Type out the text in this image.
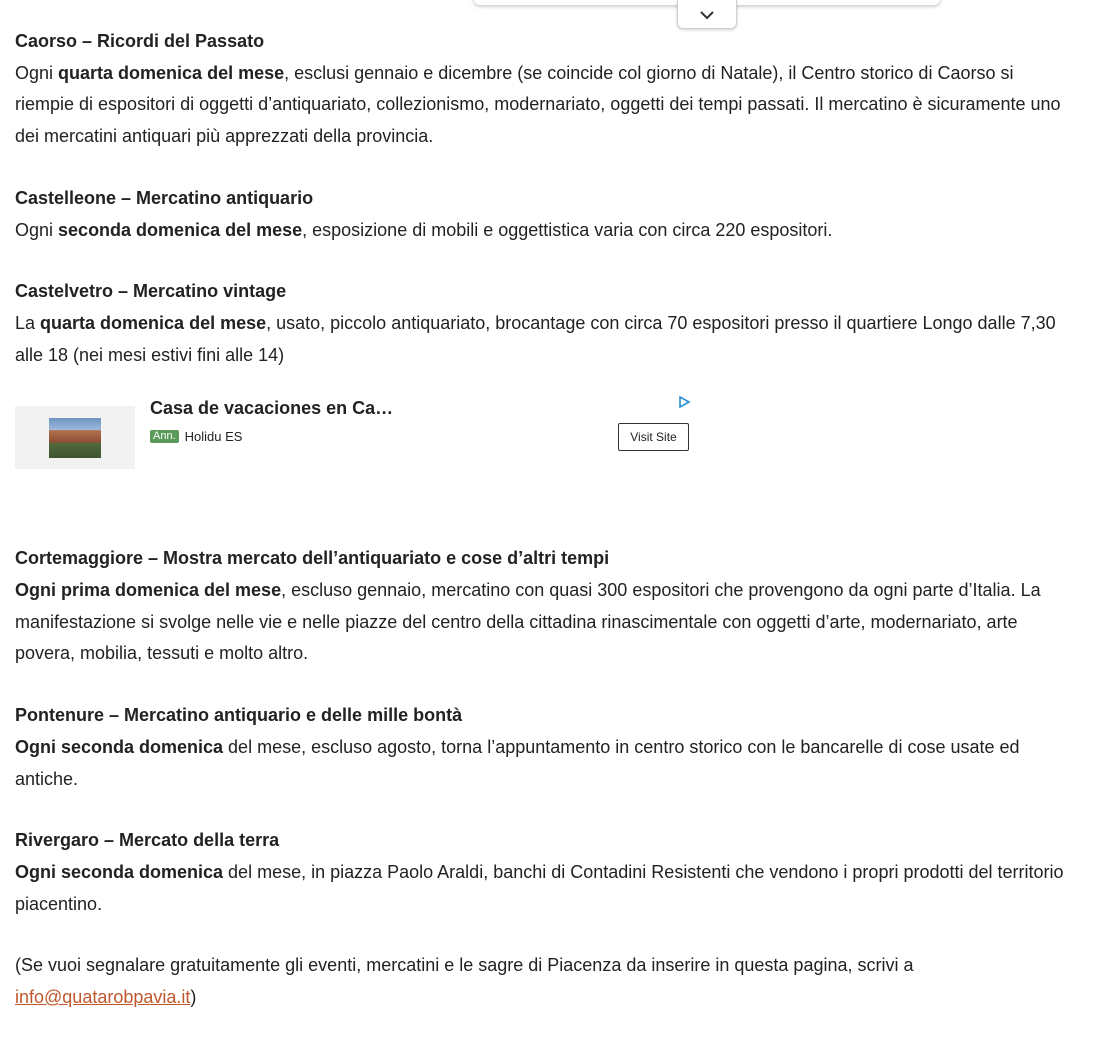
Caorso – Ricordi del Passato

Ogni quarta domenica del mese, esclusi gennaio e dicembre (se coincide col giorno di Natale), il Centro storico di Caorso si riempie di espositori di oggetti d’antiquariato, collezionismo, modernariato, oggetti dei tempi passati. Il mercatino è sicuramente uno dei mercatini antiquari più apprezzati della provincia.

Castelleone – Mercatino antiquario

Ogni seconda domenica del mese, esposizione di mobili e oggettistica varia con circa 220 espositori.

Castelvetro – Mercatino vintage

La quarta domenica del mese, usato, piccolo antiquariato, brocantage con circa 70 espositori presso il quartiere Longo dalle 7,30 alle 18 (nei mesi estivi fini alle 14)

Casa de vacaciones en Ca…
Ann. Holidu ES	Visit Site
Cortemaggiore – Mostra mercato dell’antiquariato e cose d’altri tempi

Ogni prima domenica del mese, escluso gennaio, mercatino con quasi 300 espositori che provengono da ogni parte d’Italia. La manifestazione si svolge nelle vie e nelle piazze del centro della cittadina rinascimentale con oggetti d’arte, modernariato, arte povera, mobilia, tessuti e molto altro.

Pontenure – Mercatino antiquario e delle mille bontà

Ogni seconda domenica del mese, escluso agosto, torna l’appuntamento in centro storico con le bancarelle di cose usate ed antiche.

Rivergaro – Mercato della terra

Ogni seconda domenica del mese, in piazza Paolo Araldi, banchi di Contadini Resistenti che vendono i propri prodotti del territorio piacentino.

(Se vuoi segnalare gratuitamente gli eventi, mercatini e le sagre di Piacenza da inserire in questa pagina, scrivi a info@quatarobpavia.it)
